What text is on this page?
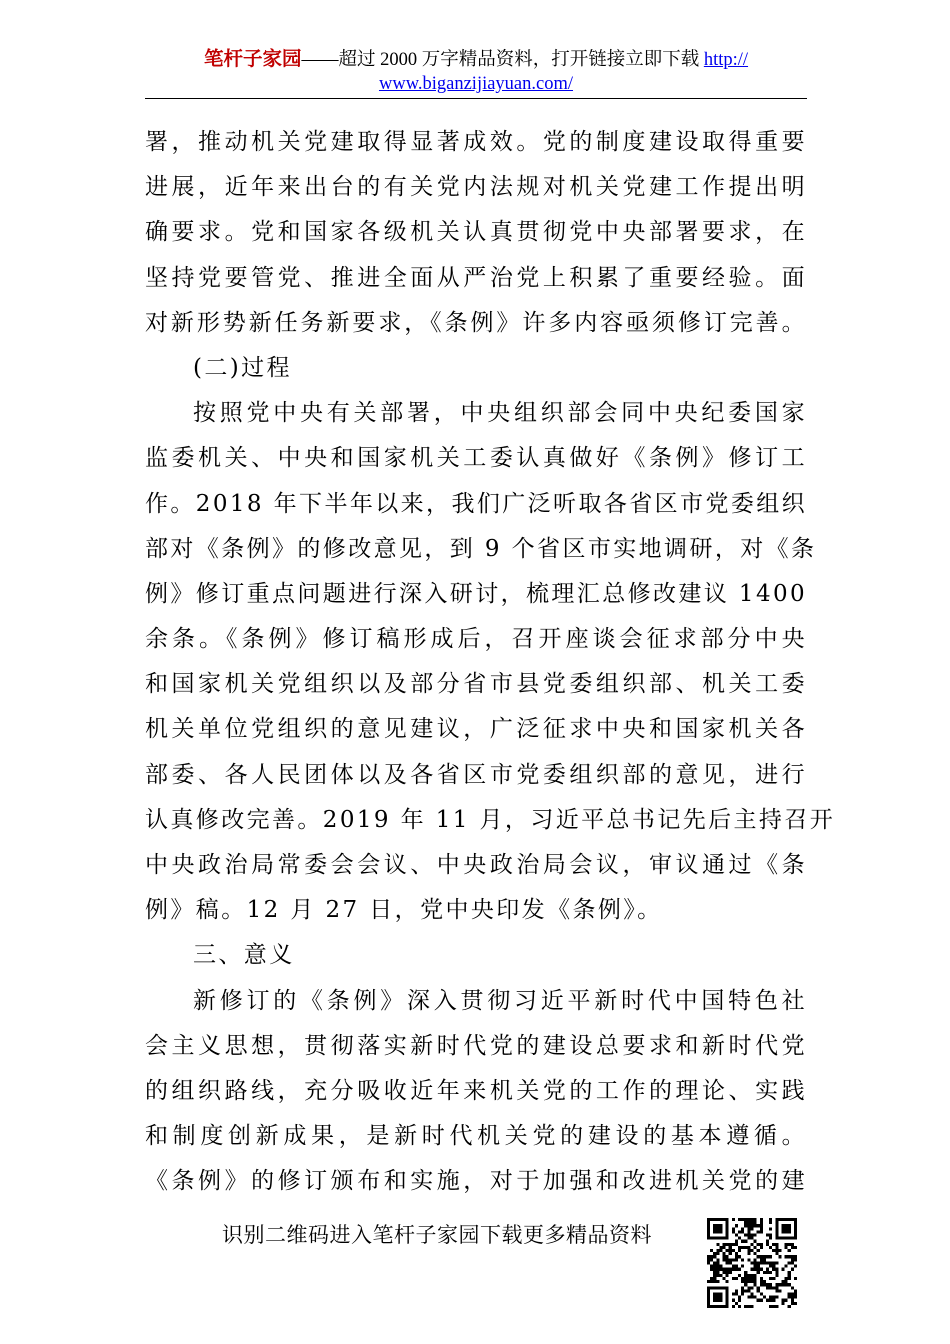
笔杆子家园——超过 2000 万字精品资料，打开链接立即下载 http://
www.biganzijiayuan.com/
署，推动机关党建取得显著成效。党的制度建设取得重要
进展，近年来出台的有关党内法规对机关党建工作提出明
确要求。党和国家各级机关认真贯彻党中央部署要求，在
坚持党要管党、推进全面从严治党上积累了重要经验。面
对新形势新任务新要求，《条例》许多内容亟须修订完善。
(二)过程
按照党中央有关部署，中央组织部会同中央纪委国家
监委机关、中央和国家机关工委认真做好《条例》修订工
作。2018 年下半年以来，我们广泛听取各省区市党委组织
部对《条例》的修改意见，到 9 个省区市实地调研，对《条
例》修订重点问题进行深入研讨，梳理汇总修改建议 1400
余条。《条例》修订稿形成后，召开座谈会征求部分中央
和国家机关党组织以及部分省市县党委组织部、机关工委
机关单位党组织的意见建议，广泛征求中央和国家机关各
部委、各人民团体以及各省区市党委组织部的意见，进行
认真修改完善。2019 年 11 月，习近平总书记先后主持召开
中央政治局常委会会议、中央政治局会议，审议通过《条
例》稿。12 月 27 日，党中央印发《条例》。
三、意义
新修订的《条例》深入贯彻习近平新时代中国特色社
会主义思想，贯彻落实新时代党的建设总要求和新时代党
的组织路线，充分吸收近年来机关党的工作的理论、实践
和制度创新成果，是新时代机关党的建设的基本遵循。
《条例》的修订颁布和实施，对于加强和改进机关党的建
识别二维码进入笔杆子家园下载更多精品资料
